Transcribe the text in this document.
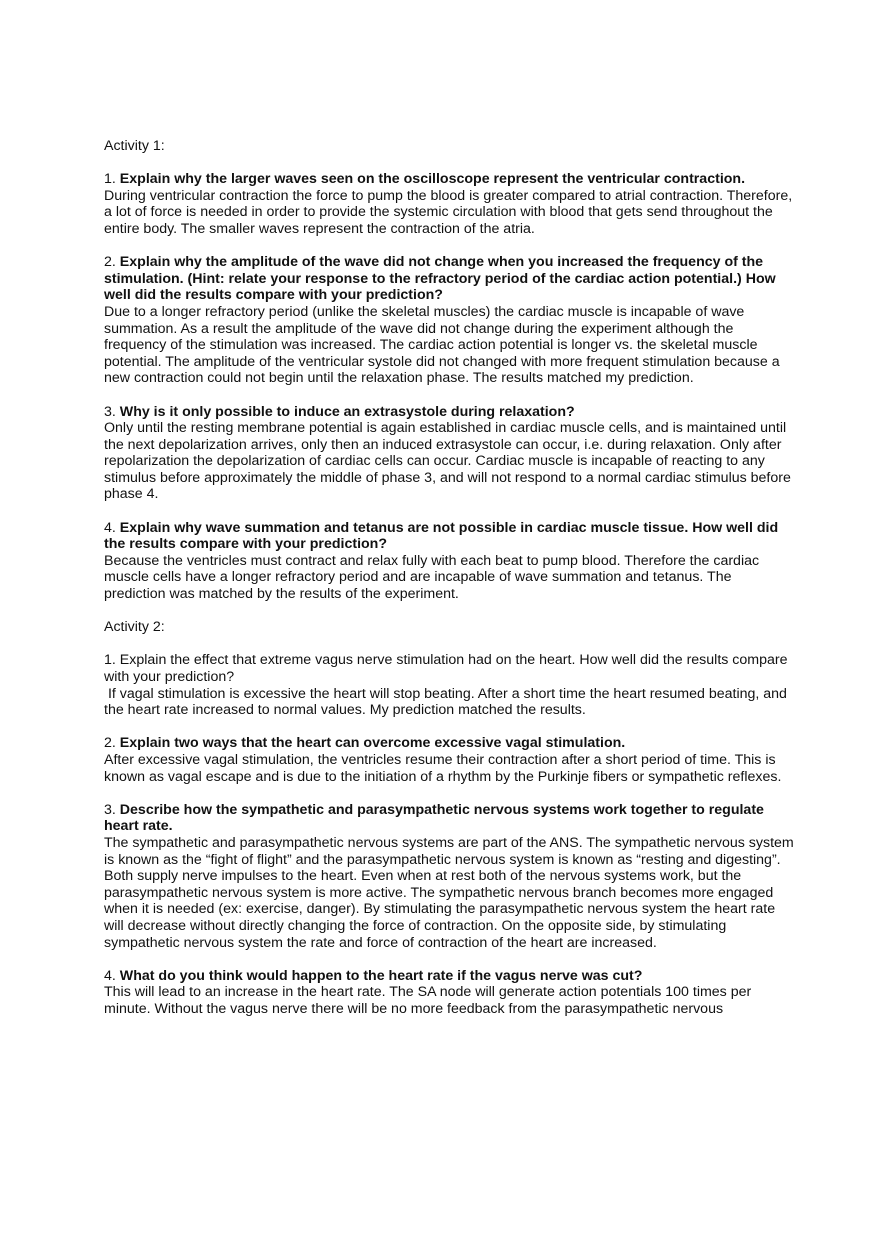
Activity 1:

1. Explain why the larger waves seen on the oscilloscope represent the ventricular contraction.

During ventricular contraction the force to pump the blood is greater compared to atrial contraction. Therefore, a lot of force is needed in order to provide the systemic circulation with blood that gets send throughout the entire body. The smaller waves represent the contraction of the atria.

2. Explain why the amplitude of the wave did not change when you increased the frequency of the stimulation. (Hint: relate your response to the refractory period of the cardiac action potential.) How well did the results compare with your prediction?

Due to a longer refractory period (unlike the skeletal muscles) the cardiac muscle is incapable of wave summation. As a result the amplitude of the wave did not change during the experiment although the frequency of the stimulation was increased. The cardiac action potential is longer vs. the skeletal muscle potential. The amplitude of the ventricular systole did not changed with more frequent stimulation because a new contraction could not begin until the relaxation phase. The results matched my prediction.

3. Why is it only possible to induce an extrasystole during relaxation?

Only until the resting membrane potential is again established in cardiac muscle cells, and is maintained until the next depolarization arrives, only then an induced extrasystole can occur, i.e. during relaxation. Only after repolarization the depolarization of cardiac cells can occur. Cardiac muscle is incapable of reacting to any stimulus before approximately the middle of phase 3, and will not respond to a normal cardiac stimulus before phase 4.

4. Explain why wave summation and tetanus are not possible in cardiac muscle tissue. How well did the results compare with your prediction?

Because the ventricles must contract and relax fully with each beat to pump blood. Therefore the cardiac muscle cells have a longer refractory period and are incapable of wave summation and tetanus. The prediction was matched by the results of the experiment.

Activity 2:

1. Explain the effect that extreme vagus nerve stimulation had on the heart. How well did the results compare with your prediction?

If vagal stimulation is excessive the heart will stop beating. After a short time the heart resumed beating, and the heart rate increased to normal values. My prediction matched the results.

2. Explain two ways that the heart can overcome excessive vagal stimulation.

After excessive vagal stimulation, the ventricles resume their contraction after a short period of time. This is known as vagal escape and is due to the initiation of a rhythm by the Purkinje fibers or sympathetic reflexes.

3. Describe how the sympathetic and parasympathetic nervous systems work together to regulate heart rate.

The sympathetic and parasympathetic nervous systems are part of the ANS. The sympathetic nervous system is known as the “fight of flight” and the parasympathetic nervous system is known as “resting and digesting”. Both supply nerve impulses to the heart. Even when at rest both of the nervous systems work, but the parasympathetic nervous system is more active. The sympathetic nervous branch becomes more engaged when it is needed (ex: exercise, danger). By stimulating the parasympathetic nervous system the heart rate will decrease without directly changing the force of contraction. On the opposite side, by stimulating sympathetic nervous system the rate and force of contraction of the heart are increased.

4. What do you think would happen to the heart rate if the vagus nerve was cut?

This will lead to an increase in the heart rate. The SA node will generate action potentials 100 times per minute. Without the vagus nerve there will be no more feedback from the parasympathetic nervous
